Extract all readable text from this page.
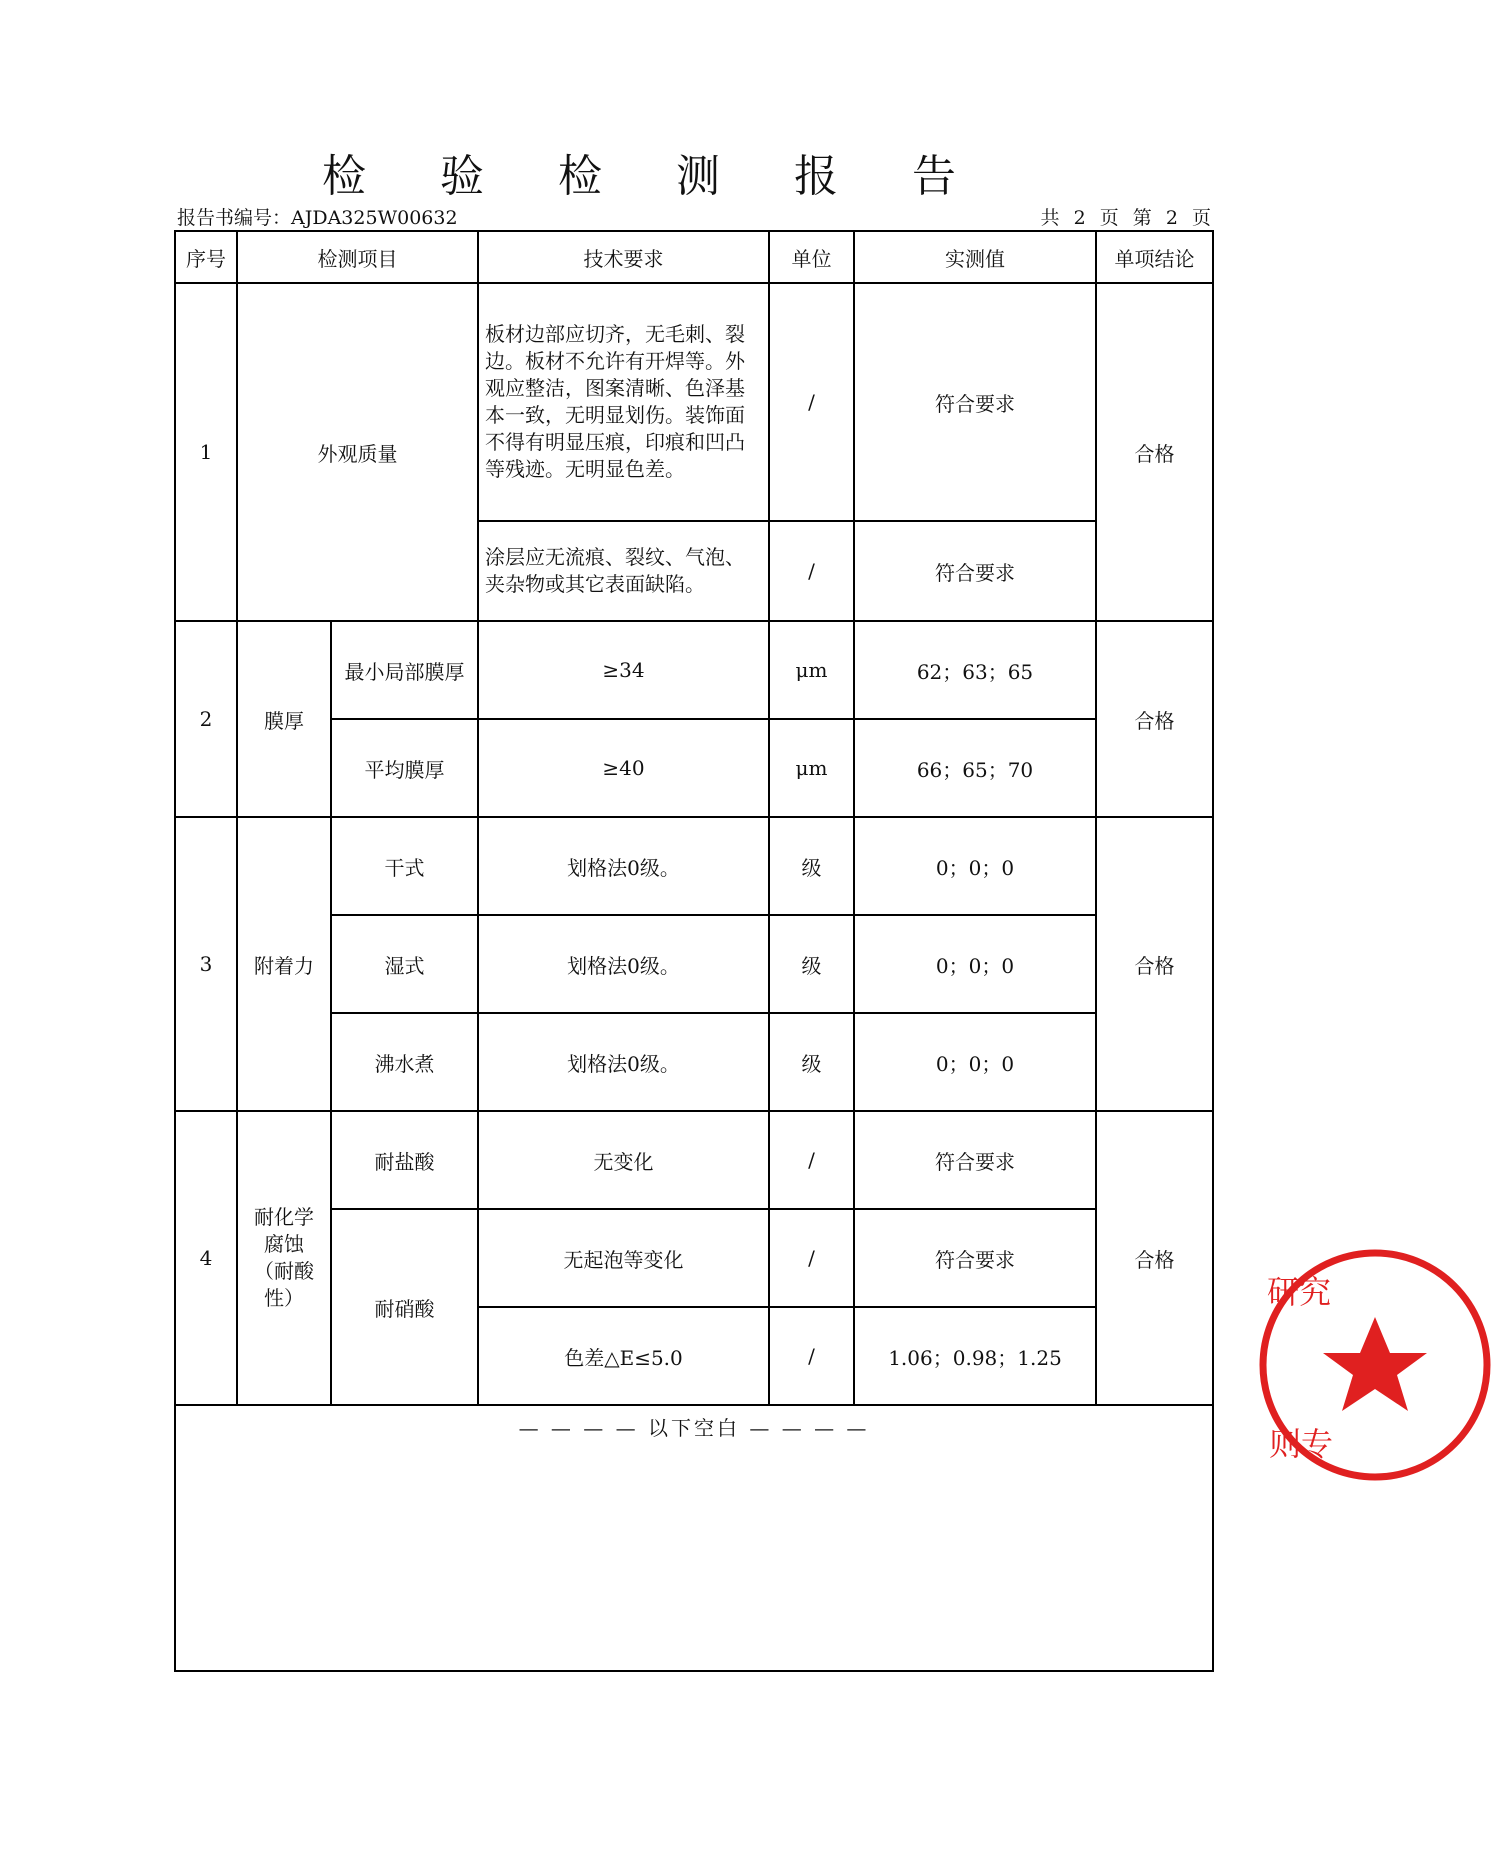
检 验 检 测 报 告
报告书编号：AJDA325W00632	共 2 页 第 2 页
序号	检测项目		技术要求	单位	实测值	单项结论
1	外观质量		板材边部应切齐，无毛刺、裂边。板材不允许有开焊等。外观应整洁，图案清晰、色泽基本一致，无明显划伤。装饰面不得有明显压痕，印痕和凹凸等残迹。无明显色差。	/	符合要求	合格
			涂层应无流痕、裂纹、气泡、夹杂物或其它表面缺陷。	/	符合要求	
2	膜厚	最小局部膜厚	≥34	μm	62；63；65	合格
		平均膜厚	≥40	μm	66；65；70	
3	附着力	干式	划格法0级。	级	0；0；0	合格
		湿式	划格法0级。	级	0；0；0	
		沸水煮	划格法0级。	级	0；0；0	
4	耐化学腐蚀（耐酸性）	耐盐酸	无变化	/	符合要求	合格
		耐硝酸	无起泡等变化	/	符合要求	
			色差△E≤5.0	/	1.06；0.98；1.25	
— — — — 以下空白 — — — —						
研究
则专
